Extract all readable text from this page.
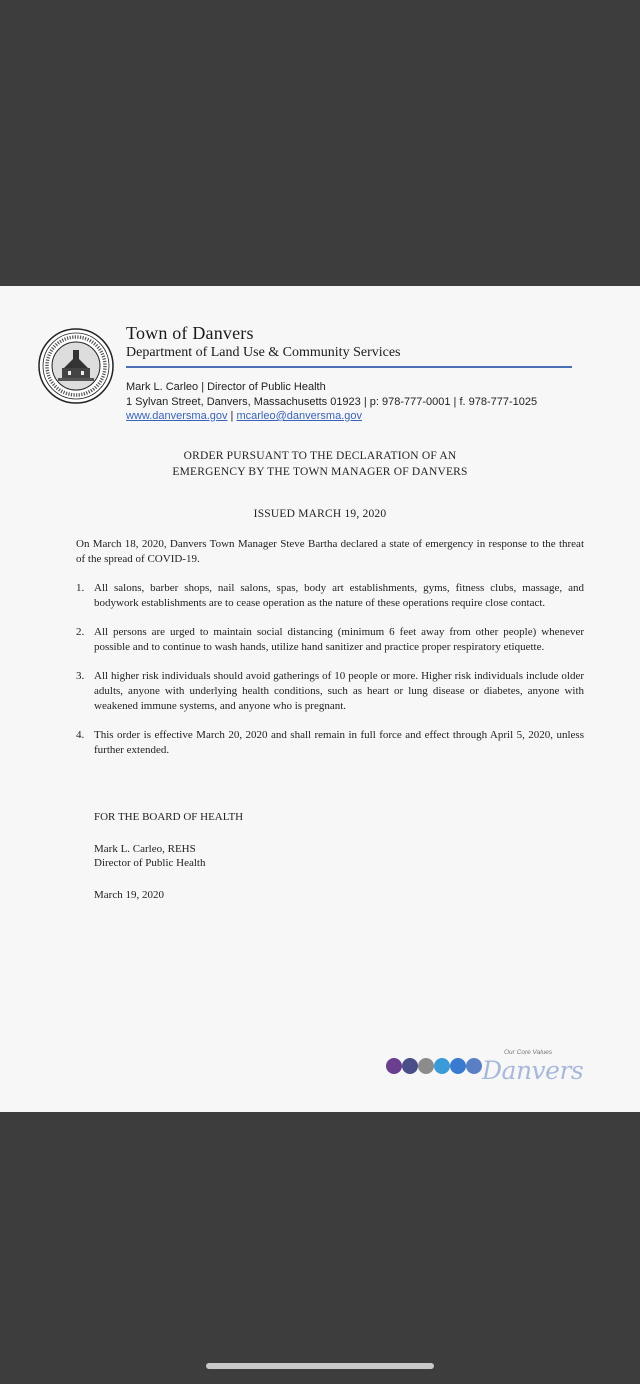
Town of Danvers
Department of Land Use & Community Services
Mark L. Carleo | Director of Public Health
1 Sylvan Street, Danvers, Massachusetts 01923 | p: 978-777-0001 | f. 978-777-1025
www.danversma.gov | mcarleo@danversma.gov
ORDER PURSUANT TO THE DECLARATION OF AN
EMERGENCY BY THE TOWN MANAGER OF DANVERS
ISSUED MARCH 19, 2020

On March 18, 2020, Danvers Town Manager Steve Bartha declared a state of emergency in response to the threat of the spread of COVID-19.

1. All salons, barber shops, nail salons, spas, body art establishments, gyms, fitness clubs, massage, and bodywork establishments are to cease operation as the nature of these operations require close contact.
2. All persons are urged to maintain social distancing (minimum 6 feet away from other people) whenever possible and to continue to wash hands, utilize hand sanitizer and practice proper respiratory etiquette.
3. All higher risk individuals should avoid gatherings of 10 people or more. Higher risk individuals include older adults, anyone with underlying health conditions, such as heart or lung disease or diabetes, anyone with weakened immune systems, and anyone who is pregnant.
4. This order is effective March 20, 2020 and shall remain in full force and effect through April 5, 2020, unless further extended.
FOR THE BOARD OF HEALTH
Mark L. Carleo, REHS
Director of Public Health
March 19, 2020
Our Core Values
Danvers
